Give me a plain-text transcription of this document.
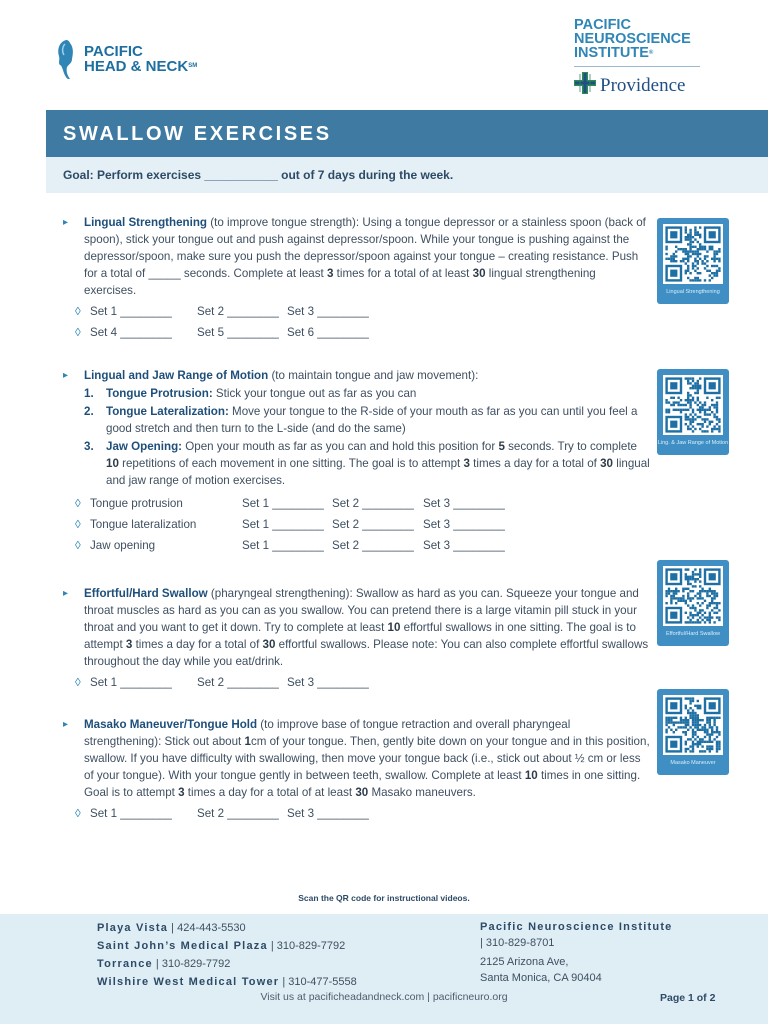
PACIFIC
HEAD & NECK℠
PACIFIC
NEUROSCIENCE
INSTITUTE®
Providence
SWALLOW EXERCISES
Goal: Perform exercises ___________ out of 7 days during the week.
▸ Lingual Strengthening (to improve tongue strength): Using a tongue depressor or a stainless spoon (back of spoon), stick your tongue out and push against depressor/spoon. While your tongue is pushing against the depressor/spoon, make sure you push the depressor/spoon against your tongue – creating resistance. Push for a total of _____ seconds. Complete at least 3 times for a total of at least 30 lingual strengthening exercises.
◊ Set 1 ________ Set 2 ________ Set 3 ________
◊ Set 4 ________ Set 5 ________ Set 6 ________
▸ Lingual and Jaw Range of Motion (to maintain tongue and jaw movement):
1. Tongue Protrusion: Stick your tongue out as far as you can
2. Tongue Lateralization: Move your tongue to the R-side of your mouth as far as you can until you feel a good stretch and then turn to the L-side (and do the same)
3. Jaw Opening: Open your mouth as far as you can and hold this position for 5 seconds. Try to complete 10 repetitions of each movement in one sitting. The goal is to attempt 3 times a day for a total of 30 lingual and jaw range of motion exercises.
◊ Tongue protrusion	Set 1 ________ Set 2 ________ Set 3 ________
◊ Tongue lateralization	Set 1 ________ Set 2 ________ Set 3 ________
◊ Jaw opening	Set 1 ________ Set 2 ________ Set 3 ________
▸ Effortful/Hard Swallow (pharyngeal strengthening): Swallow as hard as you can. Squeeze your tongue and throat muscles as hard as you can as you swallow. You can pretend there is a large vitamin pill stuck in your throat and you want to get it down. Try to complete at least 10 effortful swallows in one sitting. The goal is to attempt 3 times a day for a total of 30 effortful swallows. Please note: You can also complete effortful swallows throughout the day while you eat/drink.
◊ Set 1 ________ Set 2 ________ Set 3 ________
▸ Masako Maneuver/Tongue Hold (to improve base of tongue retraction and overall pharyngeal strengthening): Stick out about 1cm of your tongue. Then, gently bite down on your tongue and in this position, swallow. If you have difficulty with swallowing, then move your tongue back (i.e., stick out about ½ cm or less of your tongue). With your tongue gently in between teeth, swallow. Complete at least 10 times in one sitting. Goal is to attempt 3 times a day for a total of at least 30 Masako maneuvers.
◊ Set 1 ________ Set 2 ________ Set 3 ________
Lingual Strengthening
Ling. & Jaw Range of Motion
Effortful/Hard Swallow
Masako Maneuver
Scan the QR code for instructional videos.
Playa Vista | 424-443-5530
Saint John’s Medical Plaza | 310-829-7792
Torrance | 310-829-7792
Wilshire West Medical Tower | 310-477-5558
Pacific Neuroscience Institute
| 310-829-8701
2125 Arizona Ave,
Santa Monica, CA 90404
Visit us at pacificheadandneck.com | pacificneuro.org	Page 1 of 2
